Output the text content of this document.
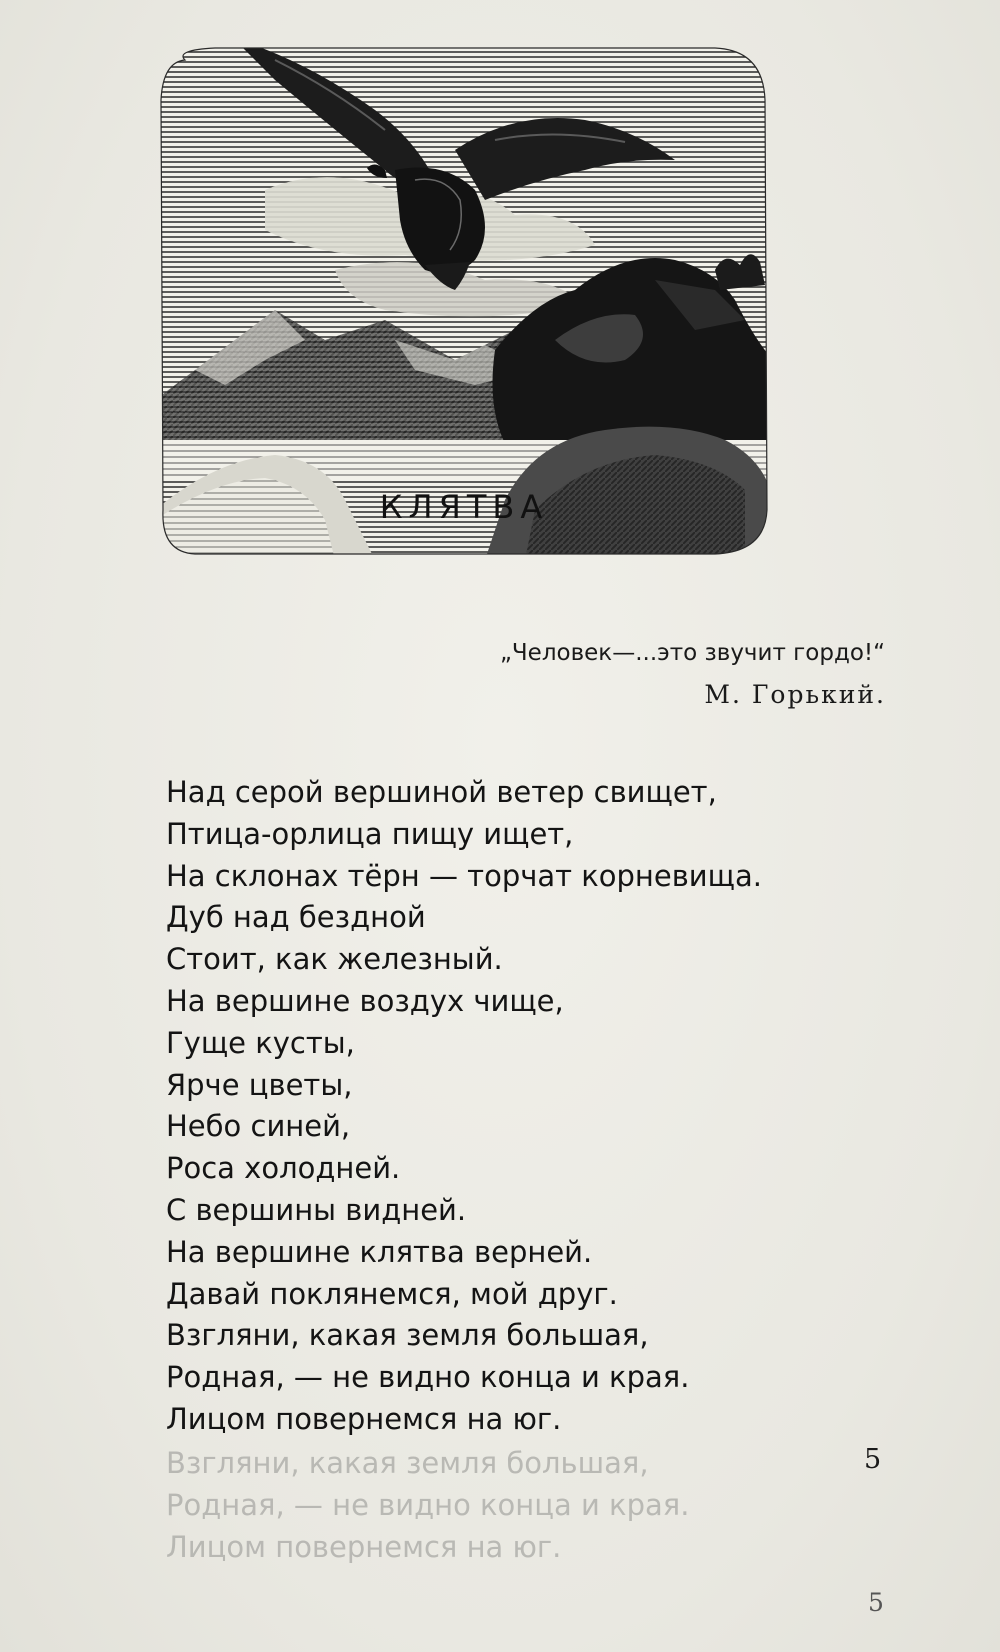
КЛЯТВА
„Человек—...это звучит гордо!“
М. Горький.
Над серой вершиной ветер свищет,
Птица-орлица пищу ищет,
На склонах тёрн — торчат корневища.
Дуб над бездной
Стоит, как железный.
На вершине воздух чище,
Гуще кусты,
Ярче цветы,
Небо синей,
Роса холодней.
С вершины видней.
На вершине клятва верней.
Давай поклянемся, мой друг.
Взгляни, какая земля большая,
Родная, — не видно конца и края.
Лицом повернемся на юг.
5
Взгляни, какая земля большая,
Родная, — не видно конца и края.
Лицом повернемся на юг.
5
